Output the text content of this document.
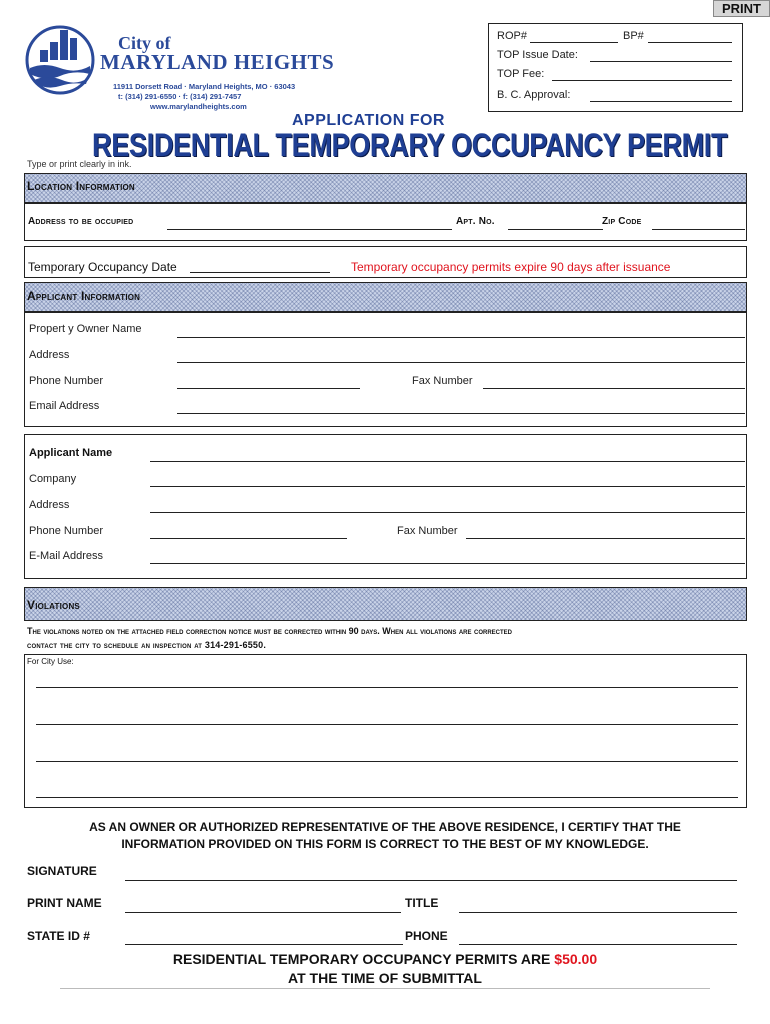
PRINT
City of
MARYLAND HEIGHTS
11911 Dorsett Road · Maryland Heights, MO · 63043
t: (314) 291-6550 · f: (314) 291-7457
www.marylandheights.com
ROP#	BP#
TOP Issue Date:
TOP Fee:
B. C. Approval:
APPLICATION FOR
RESIDENTIAL TEMPORARY OCCUPANCY PERMIT
Type or print clearly in ink.
Location Information
Address to be occupied	Apt. No.	Zip Code
Temporary Occupancy Date	Temporary occupancy permits expire 90 days after issuance
Applicant Information
Propert y Owner Name
Address
Phone Number	Fax Number
Email Address
Applicant Name
Company
Address
Phone Number	Fax Number
E-Mail Address
Violations
The violations noted on the attached field correction notice must be corrected within 90 days. When all violations are corrected
contact the city to schedule an inspection at 314-291-6550.
For City Use:
AS AN OWNER OR AUTHORIZED REPRESENTATIVE OF THE ABOVE RESIDENCE, I CERTIFY THAT THE
INFORMATION PROVIDED ON THIS FORM IS CORRECT TO THE BEST OF MY KNOWLEDGE.
SIGNATURE
PRINT NAME	TITLE
STATE ID #	PHONE
RESIDENTIAL TEMPORARY OCCUPANCY PERMITS ARE $50.00
AT THE TIME OF SUBMITTAL
